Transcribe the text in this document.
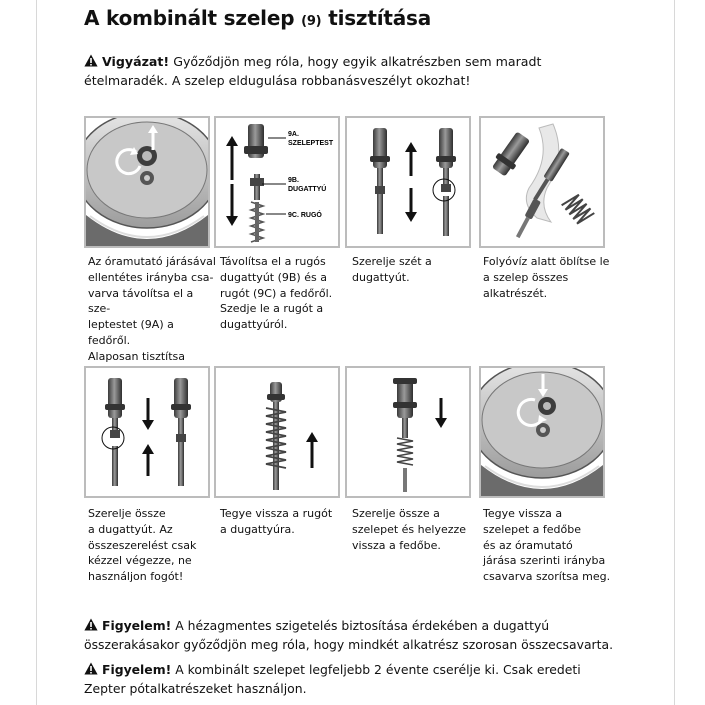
A kombinált szelep (9) tisztítása
Vigyázat! Győződjön meg róla, hogy egyik alkatrészben sem maradt ételmaradék. A szelep eldugulása robbanásveszélyt okozhat!
9A.
SZELEPTEST
9B.
DUGATTYÚ
9C. RUGÓ
Az óramutató járásával
ellentétes irányba csa-
varva távolítsa el a sze-
leptestet (9A) a fedőről.
Alaposan tisztítsa
Távolítsa el a rugós
dugattyút (9B) és a
rugót (9C) a fedőről.
Szedje le a rugót a
dugattyúról.
Szerelje szét a
dugattyút.
Folyóvíz alatt öblítse le
a szelep összes
alkatrészét.
Szerelje össze
a dugattyút. Az
összeszerelést csak
kézzel végezze, ne
használjon fogót!
Tegye vissza a rugót
a dugattyúra.
Szerelje össze a
szelepet és helyezze
vissza a fedőbe.
Tegye vissza a
szelepet a fedőbe
és az óramutató
járása szerinti irányba
csavarva szorítsa meg.
Figyelem! A hézagmentes szigetelés biztosítása érdekében a dugattyú összerakásakor győződjön meg róla, hogy mindkét alkatrész szorosan összecsavarta.
Figyelem! A kombinált szelepet legfeljebb 2 évente cserélje ki. Csak eredeti Zepter pótalkatrészeket használjon.
